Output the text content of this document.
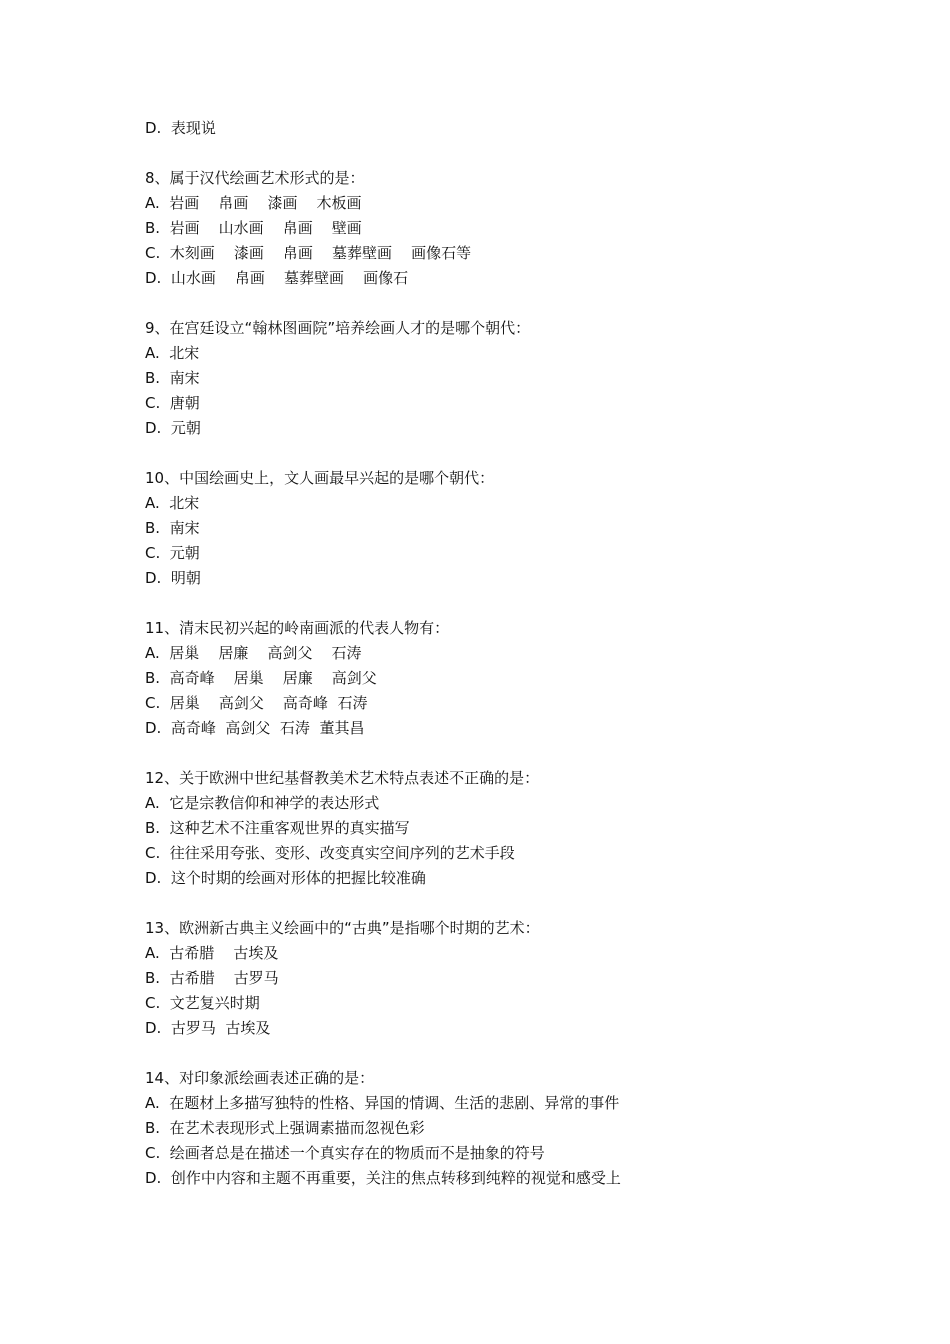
D.  表现说
8、属于汉代绘画艺术形式的是：
A.  岩画    帛画    漆画    木板画
B.  岩画    山水画    帛画    壁画
C.  木刻画    漆画    帛画    墓葬壁画    画像石等
D.  山水画    帛画    墓葬壁画    画像石
9、在宫廷设立“翰林图画院”培养绘画人才的是哪个朝代：
A.  北宋
B.  南宋
C.  唐朝
D.  元朝
10、中国绘画史上，文人画最早兴起的是哪个朝代：
A.  北宋
B.  南宋
C.  元朝
D.  明朝
11、清末民初兴起的岭南画派的代表人物有：
A.  居巢    居廉    高剑父    石涛
B.  高奇峰    居巢    居廉    高剑父
C.  居巢    高剑父    高奇峰  石涛
D.  高奇峰  高剑父  石涛  董其昌
12、关于欧洲中世纪基督教美术艺术特点表述不正确的是：
A.  它是宗教信仰和神学的表达形式
B.  这种艺术不注重客观世界的真实描写
C.  往往采用夸张、变形、改变真实空间序列的艺术手段
D.  这个时期的绘画对形体的把握比较准确
13、欧洲新古典主义绘画中的“古典”是指哪个时期的艺术：
A.  古希腊    古埃及
B.  古希腊    古罗马
C.  文艺复兴时期
D.  古罗马  古埃及
14、对印象派绘画表述正确的是：
A.  在题材上多描写独特的性格、异国的情调、生活的悲剧、异常的事件
B.  在艺术表现形式上强调素描而忽视色彩
C.  绘画者总是在描述一个真实存在的物质而不是抽象的符号
D.  创作中内容和主题不再重要，关注的焦点转移到纯粹的视觉和感受上
